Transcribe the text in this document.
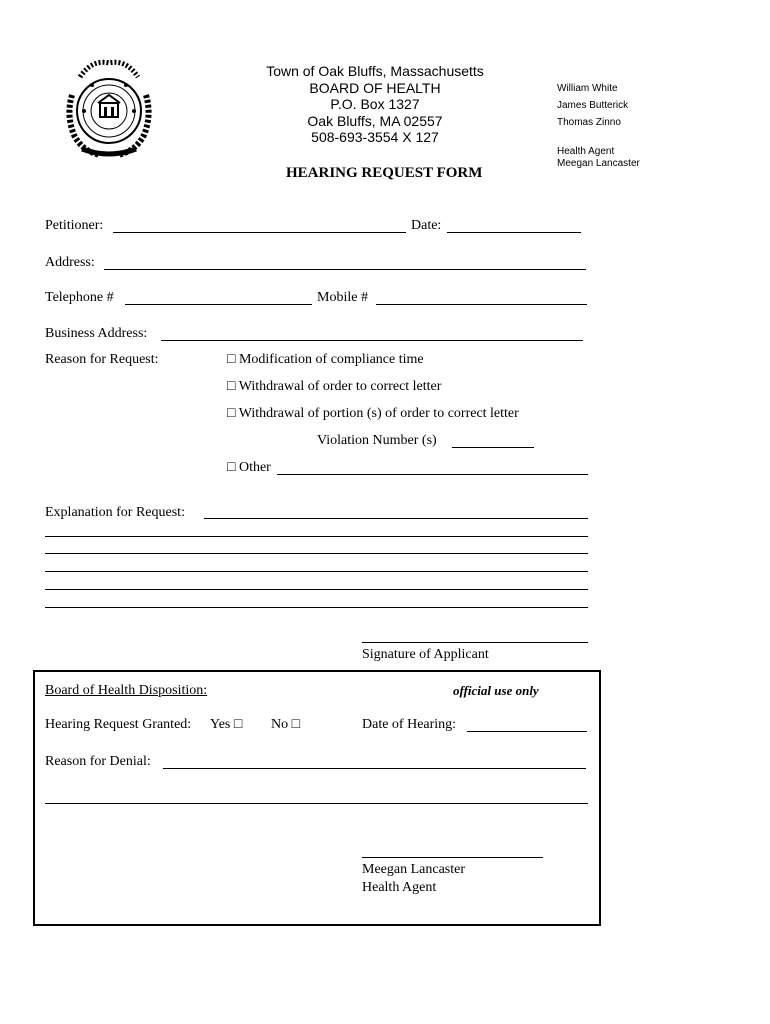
Town of Oak Bluffs, Massachusetts
BOARD OF HEALTH
P.O. Box 1327
Oak Bluffs, MA 02557
508-693-3554 X 127
HEARING REQUEST FORM
William White
James Butterick
Thomas Zinno
Health Agent
Meegan Lancaster
Petitioner:	Date:
Address:
Telephone #	Mobile #
Business Address:
Reason for Request:	□ Modification of compliance time
□ Withdrawal of order to correct letter
□ Withdrawal of portion (s) of order to correct letter
Violation Number (s)
□ Other
Explanation for Request:
Signature of Applicant
Board of Health Disposition:	official use only
Hearing Request Granted: Yes □ No □	Date of Hearing:
Reason for Denial:
Meegan Lancaster
Health Agent
